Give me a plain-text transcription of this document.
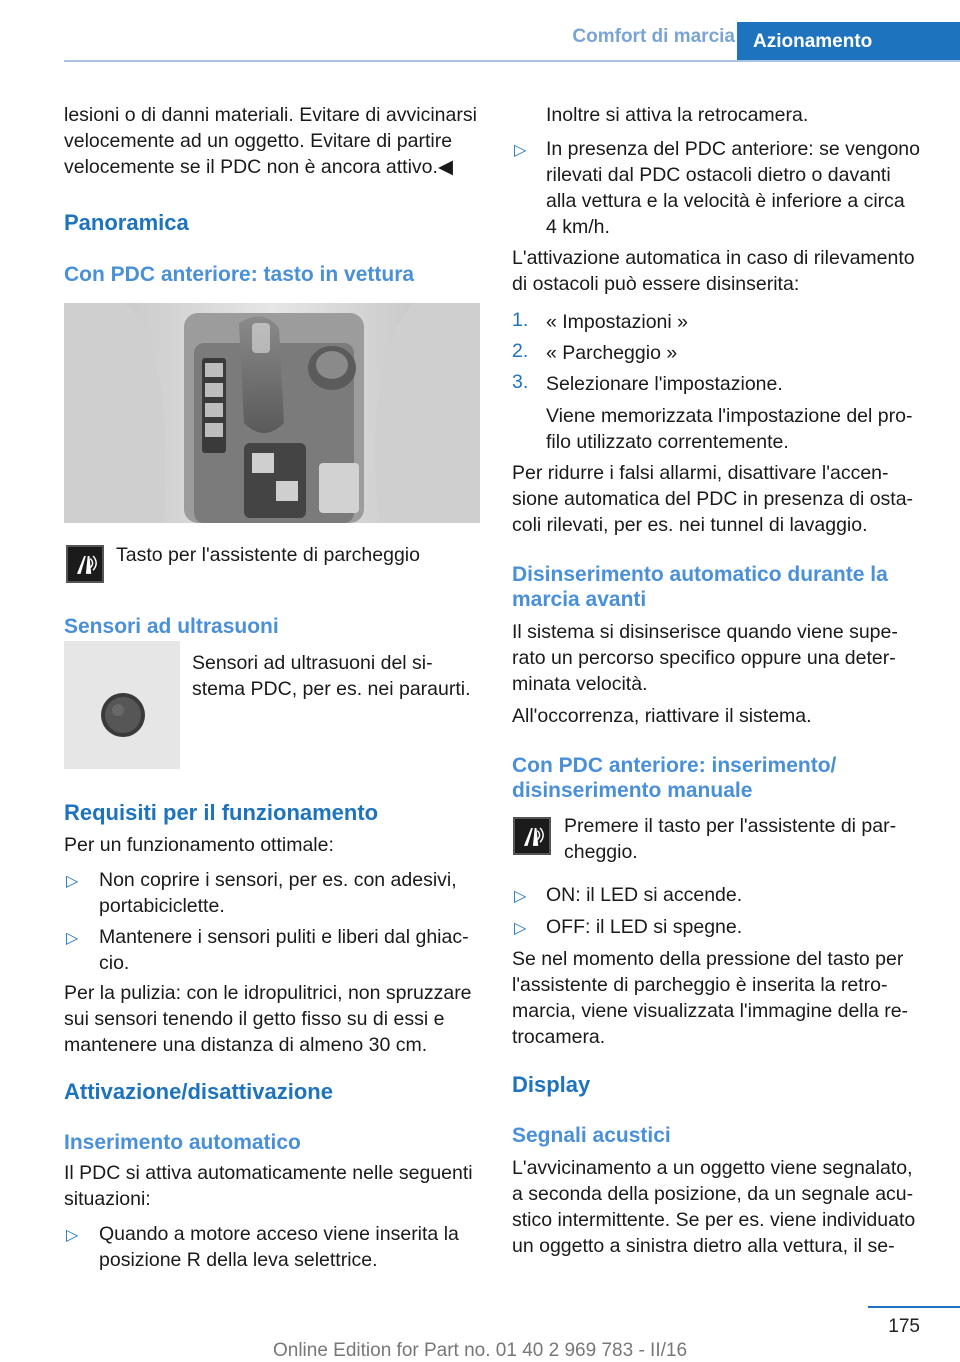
Comfort di marcia Azionamento
lesioni o di danni materiali. Evitare di avvicinarsi
velocemente ad un oggetto. Evitare di partire
velocemente se il PDC non è ancora attivo.◀
Panoramica
Con PDC anteriore: tasto in vettura
Tasto per l'assistente di parcheggio
Sensori ad ultrasuoni
Sensori ad ultrasuoni del si-
stema PDC, per es. nei paraurti.
Requisiti per il funzionamento
Per un funzionamento ottimale:
▷ Non coprire i sensori, per es. con adesivi,
portabiciclette.
▷ Mantenere i sensori puliti e liberi dal ghiac-
cio.
Per la pulizia: con le idropulitrici, non spruzzare
sui sensori tenendo il getto fisso su di essi e
mantenere una distanza di almeno 30 cm.
Attivazione/disattivazione
Inserimento automatico
Il PDC si attiva automaticamente nelle seguenti
situazioni:
▷ Quando a motore acceso viene inserita la
posizione R della leva selettrice.
Inoltre si attiva la retrocamera.
▷ In presenza del PDC anteriore: se vengono
rilevati dal PDC ostacoli dietro o davanti
alla vettura e la velocità è inferiore a circa
4 km/h.
L'attivazione automatica in caso di rilevamento
di ostacoli può essere disinserita:
1. « Impostazioni »
2. « Parcheggio »
3. Selezionare l'impostazione.
Viene memorizzata l'impostazione del pro-
filo utilizzato correntemente.
Per ridurre i falsi allarmi, disattivare l'accen-
sione automatica del PDC in presenza di osta-
coli rilevati, per es. nei tunnel di lavaggio.
Disinserimento automatico durante la
marcia avanti
Il sistema si disinserisce quando viene supe-
rato un percorso specifico oppure una deter-
minata velocità.
All'occorrenza, riattivare il sistema.
Con PDC anteriore: inserimento/
disinserimento manuale
Premere il tasto per l'assistente di par-
cheggio.
▷ ON: il LED si accende.
▷ OFF: il LED si spegne.
Se nel momento della pressione del tasto per
l'assistente di parcheggio è inserita la retro-
marcia, viene visualizzata l'immagine della re-
trocamera.
Display
Segnali acustici
L'avvicinamento a un oggetto viene segnalato,
a seconda della posizione, da un segnale acu-
stico intermittente. Se per es. viene individuato
un oggetto a sinistra dietro alla vettura, il se-
175
Online Edition for Part no. 01 40 2 969 783 - II/16
